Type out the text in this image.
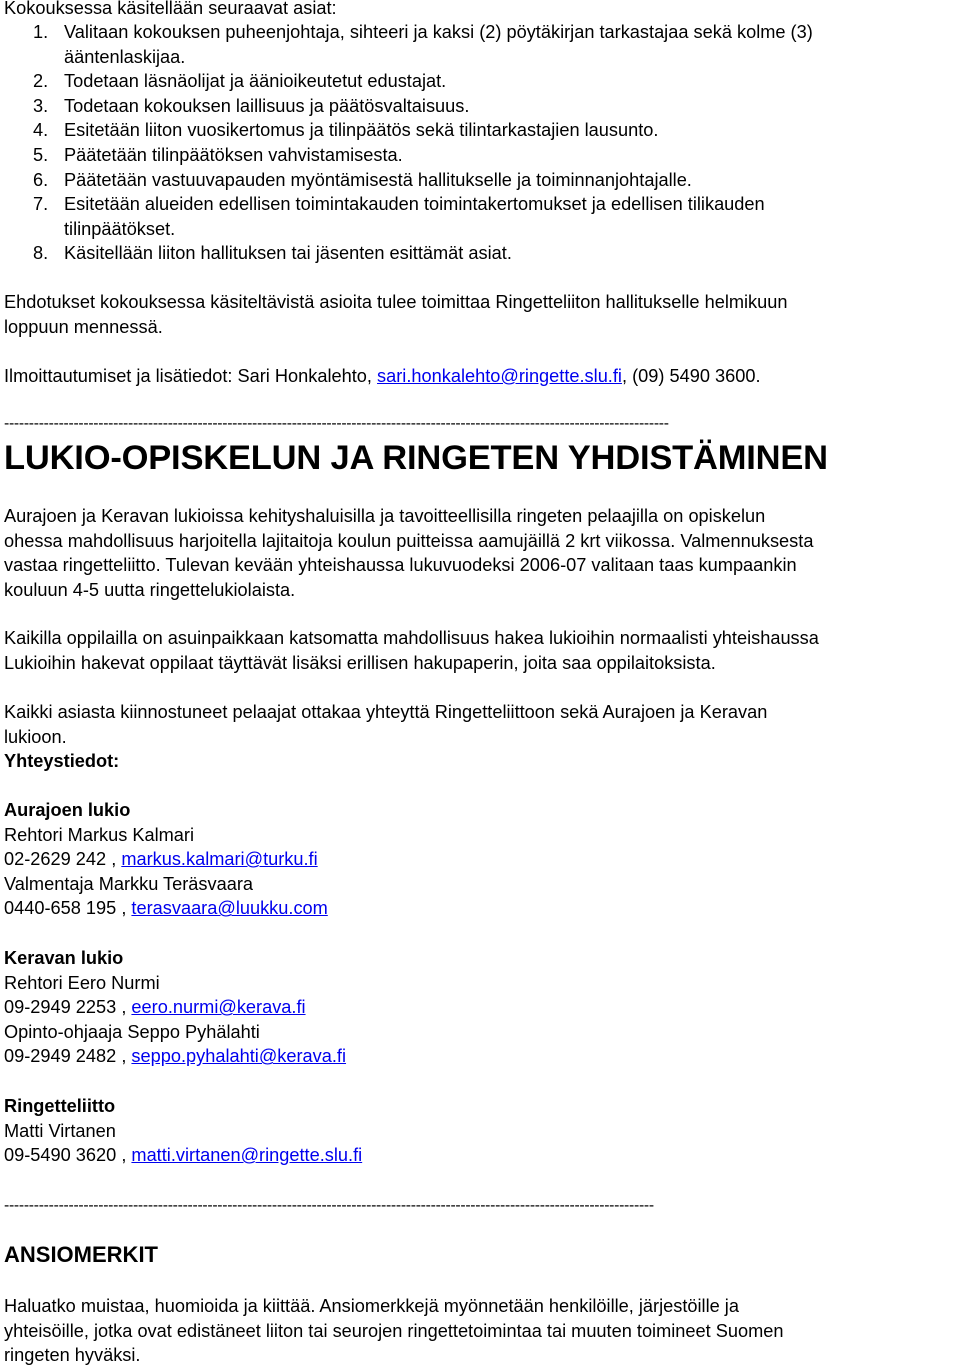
Kokouksessa käsitellään seuraavat asiat:

1. Valitaan kokouksen puheenjohtaja, sihteeri ja kaksi (2) pöytäkirjan tarkastajaa sekä kolme (3)

ääntenlaskijaa.

2. Todetaan läsnäolijat ja äänioikeutetut edustajat.

3. Todetaan kokouksen laillisuus ja päätösvaltaisuus.

4. Esitetään liiton vuosikertomus ja tilinpäätös sekä tilintarkastajien lausunto.

5. Päätetään tilinpäätöksen vahvistamisesta.

6. Päätetään vastuuvapauden myöntämisestä hallitukselle ja toiminnanjohtajalle.

7. Esitetään alueiden edellisen toimintakauden toimintakertomukset ja edellisen tilikauden

tilinpäätökset.

8. Käsitellään liiton hallituksen tai jäsenten esittämät asiat.

Ehdotukset kokouksessa käsiteltävistä asioita tulee toimittaa Ringetteliiton hallitukselle helmikuun

loppuun mennessä.

Ilmoittautumiset ja lisätiedot: Sari Honkalehto, sari.honkalehto@ringette.slu.fi, (09) 5490 3600.

--------------------------------------------------------------------------------------------------------------------------------------
LUKIO-OPISKELUN JA RINGETEN YHDISTÄMINEN

Aurajoen ja Keravan lukioissa kehityshaluisilla ja tavoitteellisilla ringeten pelaajilla on opiskelun

ohessa mahdollisuus harjoitella lajitaitoja koulun puitteissa aamujäillä 2 krt viikossa. Valmennuksesta

vastaa ringetteliitto. Tulevan kevään yhteishaussa lukuvuodeksi 2006-07 valitaan taas kumpaankin

kouluun 4-5 uutta ringettelukiolaista.

Kaikilla oppilailla on asuinpaikkaan katsomatta mahdollisuus hakea lukioihin normaalisti yhteishaussa

Lukioihin hakevat oppilaat täyttävät lisäksi erillisen hakupaperin, joita saa oppilaitoksista.

Kaikki asiasta kiinnostuneet pelaajat ottakaa yhteyttä Ringetteliittoon sekä Aurajoen ja Keravan

lukioon.

Yhteystiedot:

Aurajoen lukio

Rehtori Markus Kalmari

02-2629 242 , markus.kalmari@turku.fi

Valmentaja Markku Teräsvaara

0440-658 195 , terasvaara@luukku.com

Keravan lukio

Rehtori Eero Nurmi

09-2949 2253 , eero.nurmi@kerava.fi

Opinto-ohjaaja Seppo Pyhälahti

09-2949 2482 , seppo.pyhalahti@kerava.fi

Ringetteliitto

Matti Virtanen

09-5490 3620 , matti.virtanen@ringette.slu.fi

-----------------------------------------------------------------------------------------------------------------------------------
ANSIOMERKIT

Haluatko muistaa, huomioida ja kiittää. Ansiomerkkejä myönnetään henkilöille, järjestöille ja

yhteisöille, jotka ovat edistäneet liiton tai seurojen ringettetoimintaa tai muuten toimineet Suomen

ringeten hyväksi.
